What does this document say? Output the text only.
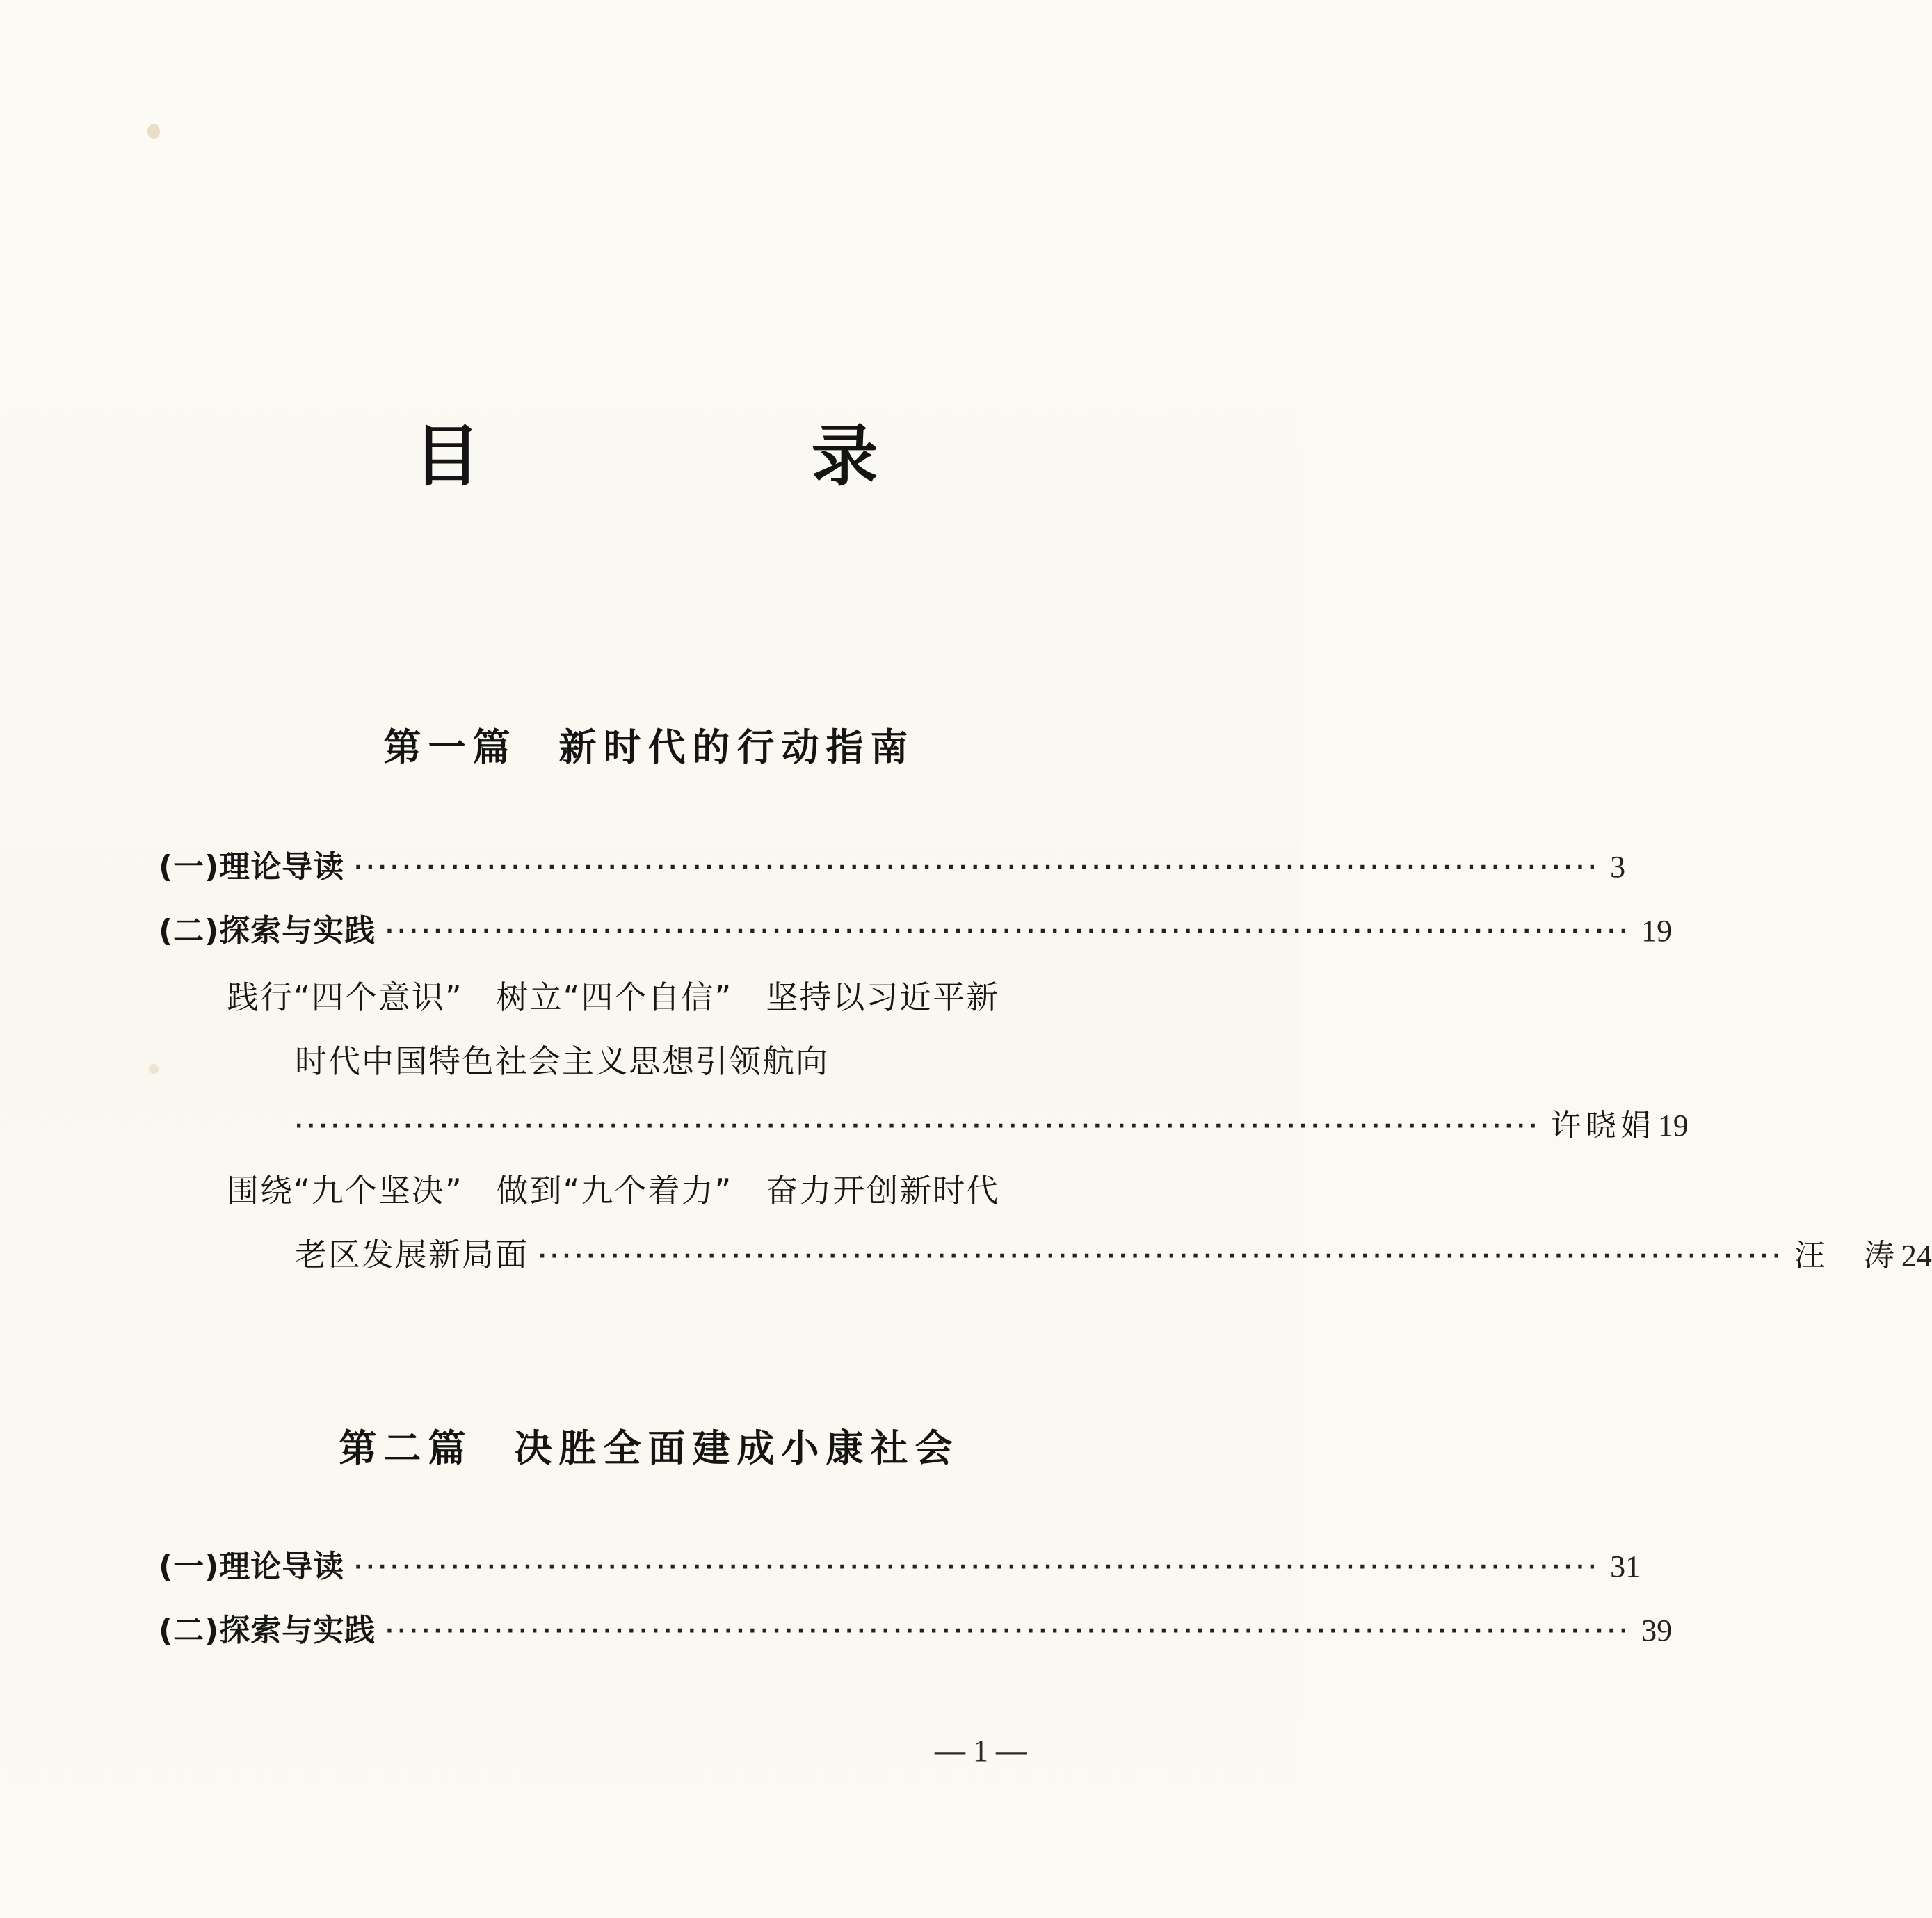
目　录
第一篇 新时代的行动指南
(一)理论导读 ······································································································· 3
(二)探索与实践 ······································································································· 19
践行“四个意识”　树立“四个自信”　坚持以习近平新
时代中国特色社会主义思想引领航向
······································································································· 许晓娟 19
围绕“九个坚决”　做到“九个着力”　奋力开创新时代
老区发展新局面 ······································································································· 汪　涛 24
第二篇 决胜全面建成小康社会
(一)理论导读 ······································································································· 31
(二)探索与实践 ······································································································· 39
— 1 —
